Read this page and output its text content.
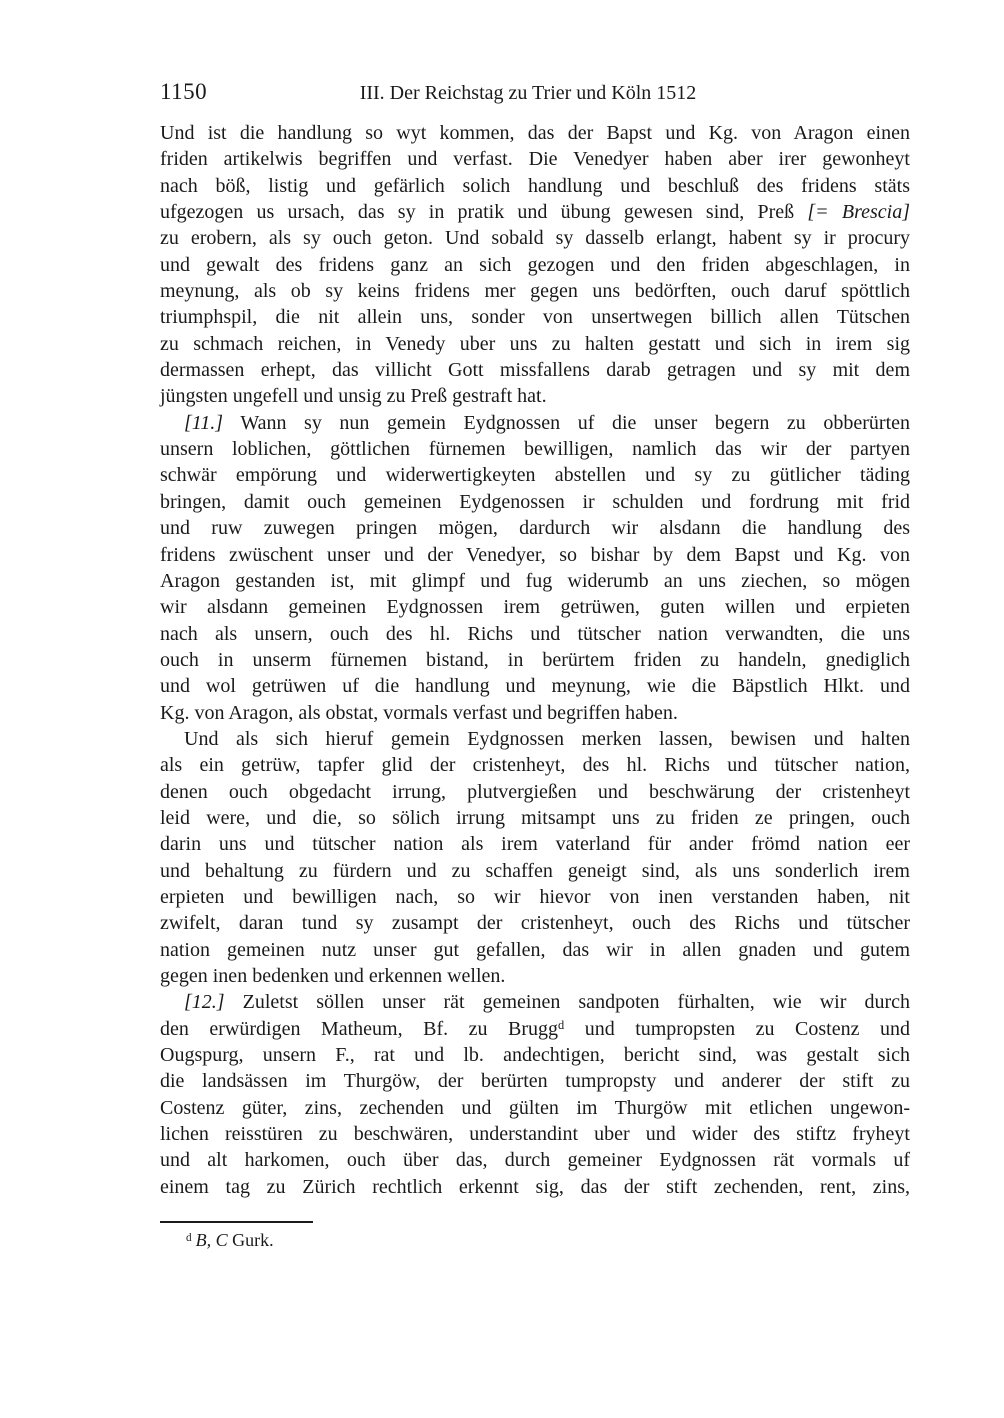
1150	III. Der Reichstag zu Trier und Köln 1512
Und ist die handlung so wyt kommen, das der Bapst und Kg. von Aragon einen
friden artikelwis begriffen und verfast. Die Venedyer haben aber irer gewonheyt
nach böß, listig und gefärlich solich handlung und beschluß des fridens stäts
ufgezogen us ursach, das sy in pratik und übung gewesen sind, Preß [= Brescia]
zu erobern, als sy ouch geton. Und sobald sy dasselb erlangt, habent sy ir procury
und gewalt des fridens ganz an sich gezogen und den friden abgeschlagen, in
meynung, als ob sy keins fridens mer gegen uns bedörften, ouch daruf spöttlich
triumphspil, die nit allein uns, sonder von unsertwegen billich allen Tütschen
zu schmach reichen, in Venedy uber uns zu halten gestatt und sich in irem sig
dermassen erhept, das villicht Gott missfallens darab getragen und sy mit dem
jüngsten ungefell und unsig zu Preß gestraft hat.
[11.] Wann sy nun gemein Eydgnossen uf die unser begern zu obberürten
unsern loblichen, göttlichen fürnemen bewilligen, namlich das wir der partyen
schwär empörung und widerwertigkeyten abstellen und sy zu gütlicher täding
bringen, damit ouch gemeinen Eydgenossen ir schulden und fordrung mit frid
und ruw zuwegen pringen mögen, dardurch wir alsdann die handlung des
fridens zwüschent unser und der Venedyer, so bishar by dem Bapst und Kg. von
Aragon gestanden ist, mit glimpf und fug widerumb an uns ziechen, so mögen
wir alsdann gemeinen Eydgnossen irem getrüwen, guten willen und erpieten
nach als unsern, ouch des hl. Richs und tütscher nation verwandten, die uns
ouch in unserm fürnemen bistand, in berürtem friden zu handeln, gnediglich
und wol getrüwen uf die handlung und meynung, wie die Bäpstlich Hlkt. und
Kg. von Aragon, als obstat, vormals verfast und begriffen haben.
Und als sich hieruf gemein Eydgnossen merken lassen, bewisen und halten
als ein getrüw, tapfer glid der cristenheyt, des hl. Richs und tütscher nation,
denen ouch obgedacht irrung, plutvergießen und beschwärung der cristenheyt
leid were, und die, so sölich irrung mitsampt uns zu friden ze pringen, ouch
darin uns und tütscher nation als irem vaterland für ander frömd nation eer
und behaltung zu fürdern und zu schaffen geneigt sind, als uns sonderlich irem
erpieten und bewilligen nach, so wir hievor von inen verstanden haben, nit
zwifelt, daran tund sy zusampt der cristenheyt, ouch des Richs und tütscher
nation gemeinen nutz unser gut gefallen, das wir in allen gnaden und gutem
gegen inen bedenken und erkennen wellen.
[12.] Zuletst söllen unser rät gemeinen sandpoten fürhalten, wie wir durch
den erwürdigen Matheum, Bf. zu Brugg$^d$ und tumpropsten zu Costenz und
Ougspurg, unsern F., rat und lb. andechtigen, bericht sind, was gestalt sich
die landsässen im Thurgöw, der berürten tumpropsty und anderer der stift zu
Costenz güter, zins, zechenden und gülten im Thurgöw mit etlichen ungewon-
lichen reisstüren zu beschwären, understandint uber und wider des stiftz fryheyt
und alt harkomen, ouch über das, durch gemeiner Eydgnossen rät vormals uf
einem tag zu Zürich rechtlich erkennt sig, das der stift zechenden, rent, zins,

$^d$ B, C Gurk.
